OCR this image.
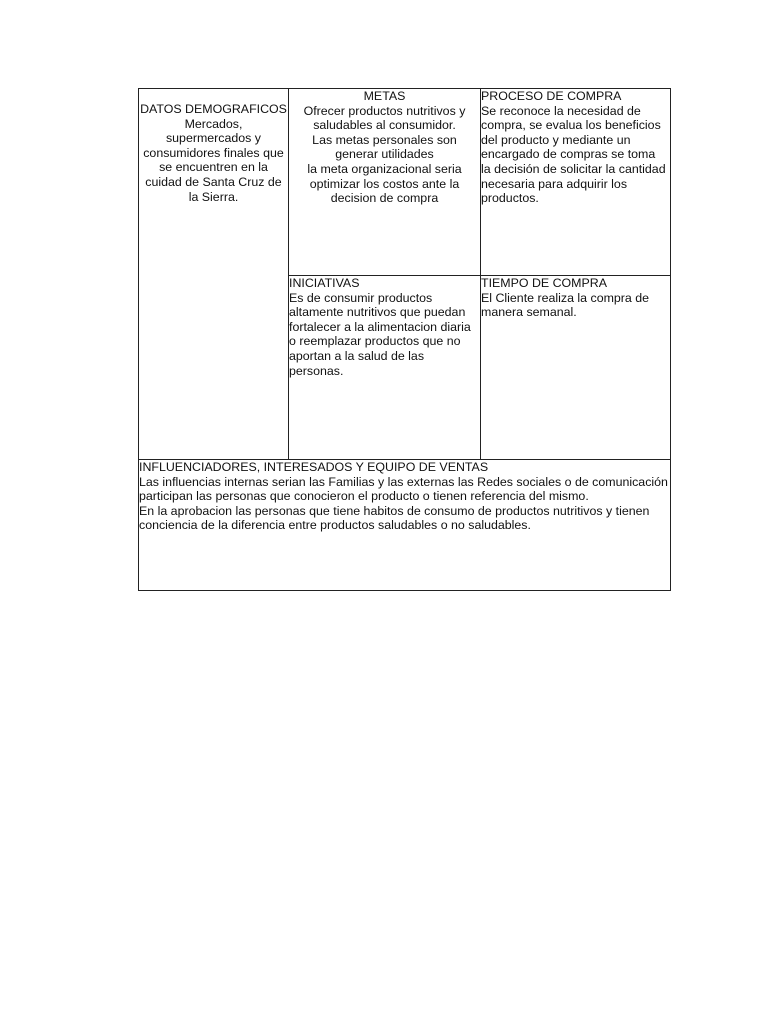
DATOS DEMOGRAFICOS
Mercados,
supermercados y
consumidores finales que
se encuentren en la
cuidad de Santa Cruz de
la Sierra.
METAS
Ofrecer productos nutritivos y
saludables al consumidor.
Las metas personales son
generar utilidades
la meta organizacional seria
optimizar los costos ante la
decision de compra
PROCESO DE COMPRA
Se reconoce la necesidad de
compra, se evalua los beneficios
del producto y mediante un
encargado de compras se toma
la decisión de solicitar la cantidad
necesaria para adquirir los
productos.
INICIATIVAS
Es de consumir productos
altamente nutritivos que puedan
fortalecer a la alimentacion diaria
o reemplazar productos que no
aportan a la salud de las
personas.
TIEMPO DE COMPRA
El Cliente realiza la compra de
manera semanal.
INFLUENCIADORES, INTERESADOS Y EQUIPO DE VENTAS
Las influencias internas serian las Familias y las externas las Redes sociales o de comunicación
participan las personas que conocieron el producto o tienen referencia del mismo.
En la aprobacion las personas que tiene habitos de consumo de productos nutritivos y tienen
conciencia de la diferencia entre productos saludables o no saludables.
